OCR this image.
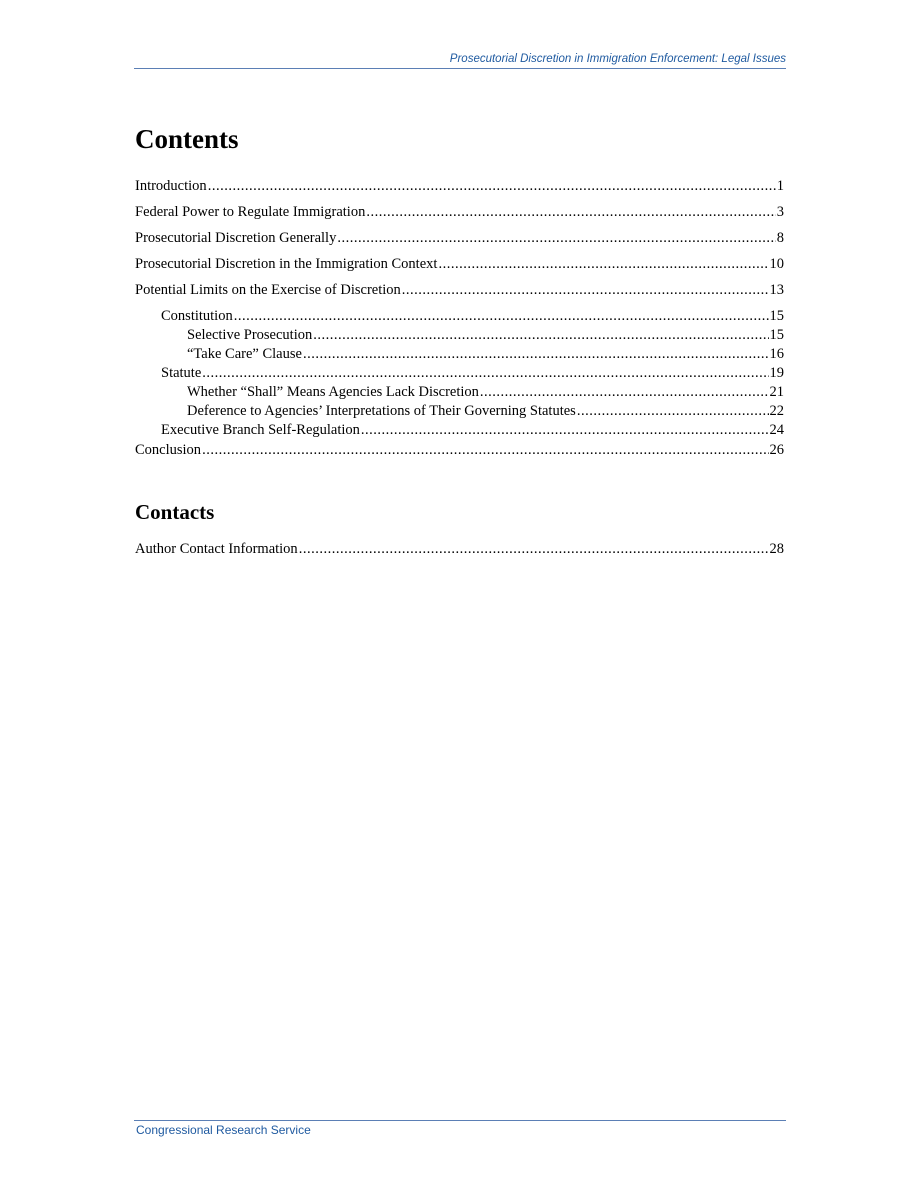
Prosecutorial Discretion in Immigration Enforcement: Legal Issues
Contents
Introduction .....	1
Federal Power to Regulate Immigration .....	3
Prosecutorial Discretion Generally .....	8
Prosecutorial Discretion in the Immigration Context .....	10
Potential Limits on the Exercise of Discretion .....	13
Constitution .....	15
Selective Prosecution .....	15
“Take Care” Clause .....	16
Statute .....	19
Whether “Shall” Means Agencies Lack Discretion .....	21
Deference to Agencies’ Interpretations of Their Governing Statutes .....	22
Executive Branch Self-Regulation .....	24
Conclusion .....	26
Contacts
Author Contact Information .....	28
Congressional Research Service
